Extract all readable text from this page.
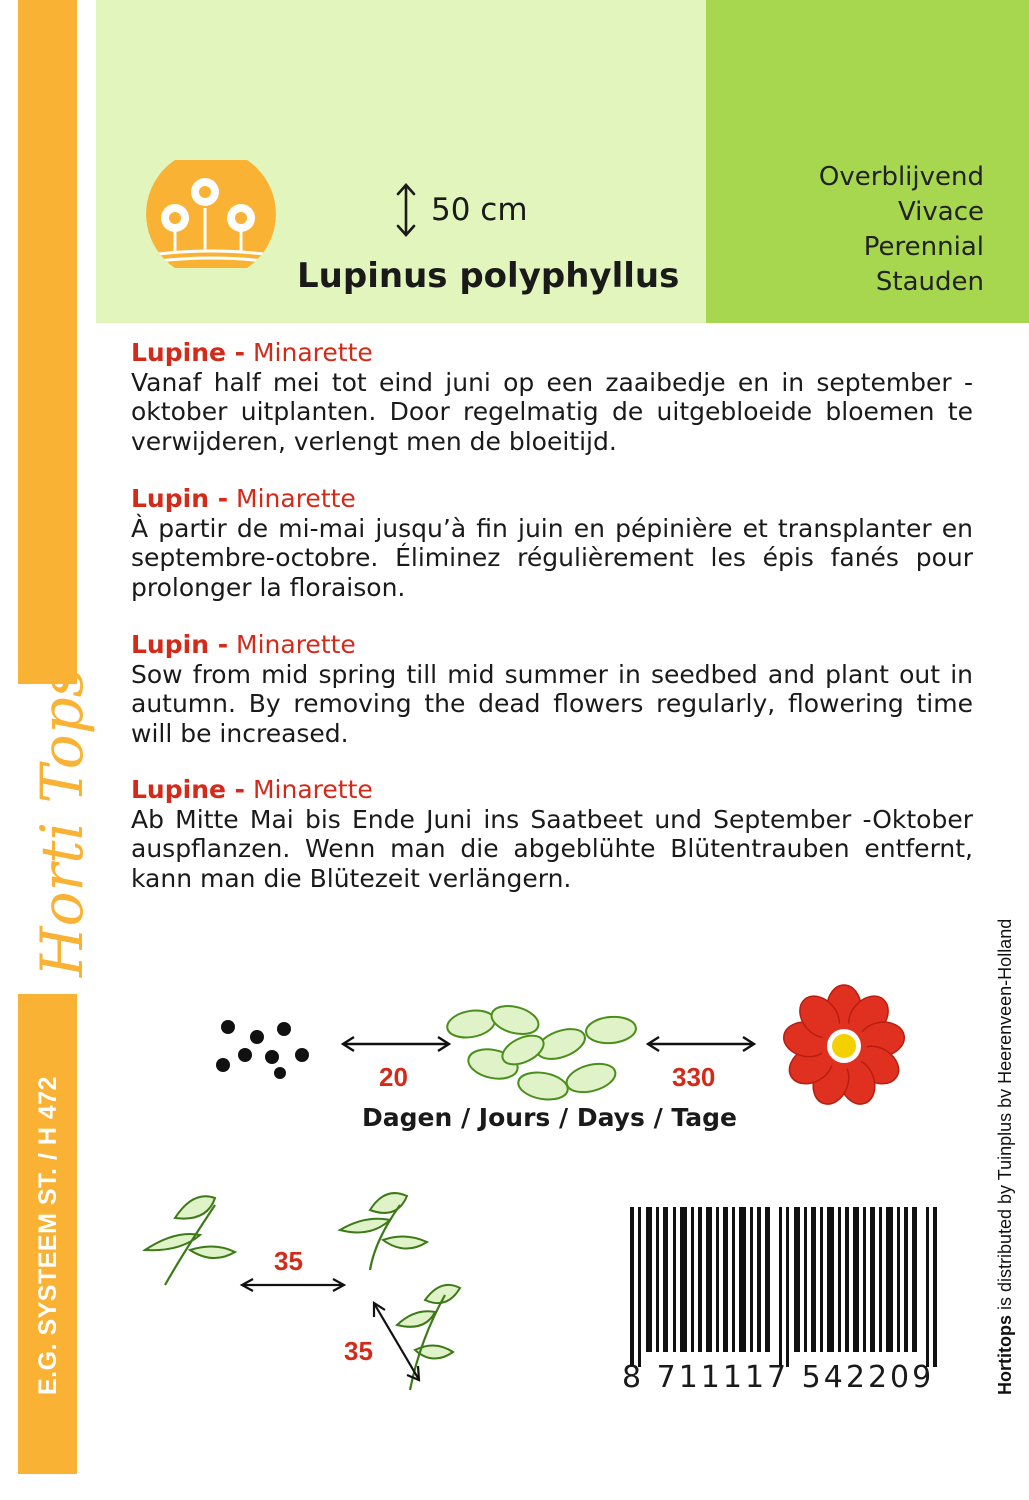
Horti Tops
E.G. SYSTEEM ST. / H 472
50 cm
Lupinus polyphyllus
Overblijvend
Vivace
Perennial
Stauden
Lupine - Minarette

Vanaf half mei tot eind juni op een zaaibedje en in september -oktober uitplanten. Door regelmatig de uitgebloeide bloemen te verwijderen, verlengt men de bloeitijd.

Lupin - Minarette

À partir de mi-mai jusqu’à fin juin en pépinière et transplanter en septembre-octobre. Éliminez régulièrement les épis fanés pour prolonger la floraison.

Lupin - Minarette

Sow from mid spring till mid summer in seedbed and plant out in autumn. By removing the dead flowers regularly, flowering time will be increased.

Lupine - Minarette

Ab Mitte Mai bis Ende Juni ins Saatbeet und September -Oktober auspflanzen. Wenn man die abgeblühte Blütentrauben entfernt, kann man die Blütezeit verlängern.

20	330
Dagen / Jours / Days / Tage
35
35
8 711117 542209	Hortitops is distributed by Tuinplus bv Heerenveen-Holland
